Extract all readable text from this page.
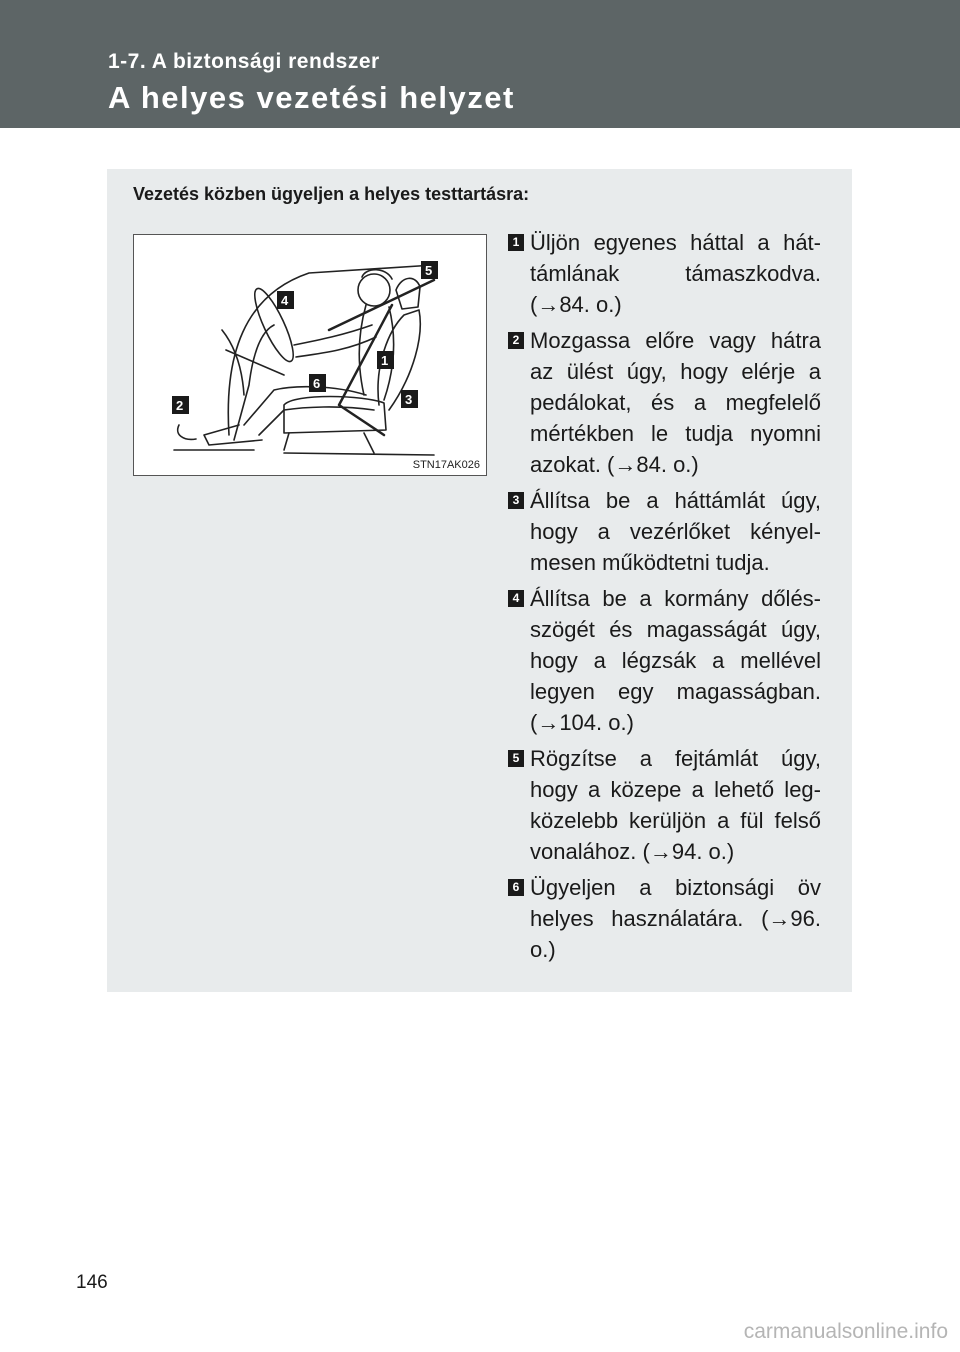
1-7. A biztonsági rendszer
A helyes vezetési helyzet
Vezetés közben ügyeljen a helyes testtartásra:
5
4
1
6
3
2
STN17AK026
1 Üljön egyenes háttal a hát-támlának támaszkodva. (→84. o.)
2 Mozgassa előre vagy hátra az ülést úgy, hogy elérje a pedálokat, és a megfelelő mértékben le tudja nyomni azokat. (→84. o.)
3 Állítsa be a háttámlát úgy, hogy a vezérlőket kényel-mesen működtetni tudja.
4 Állítsa be a kormány dőlés-szögét és magasságát úgy, hogy a légzsák a mellével legyen egy magasságban. (→104. o.)
5 Rögzítse a fejtámlát úgy, hogy a közepe a lehető leg-közelebb kerüljön a fül felső vonalához. (→94. o.)
6 Ügyeljen a biztonsági öv helyes használatára. (→96. o.)
146
carmanualsonline.info
